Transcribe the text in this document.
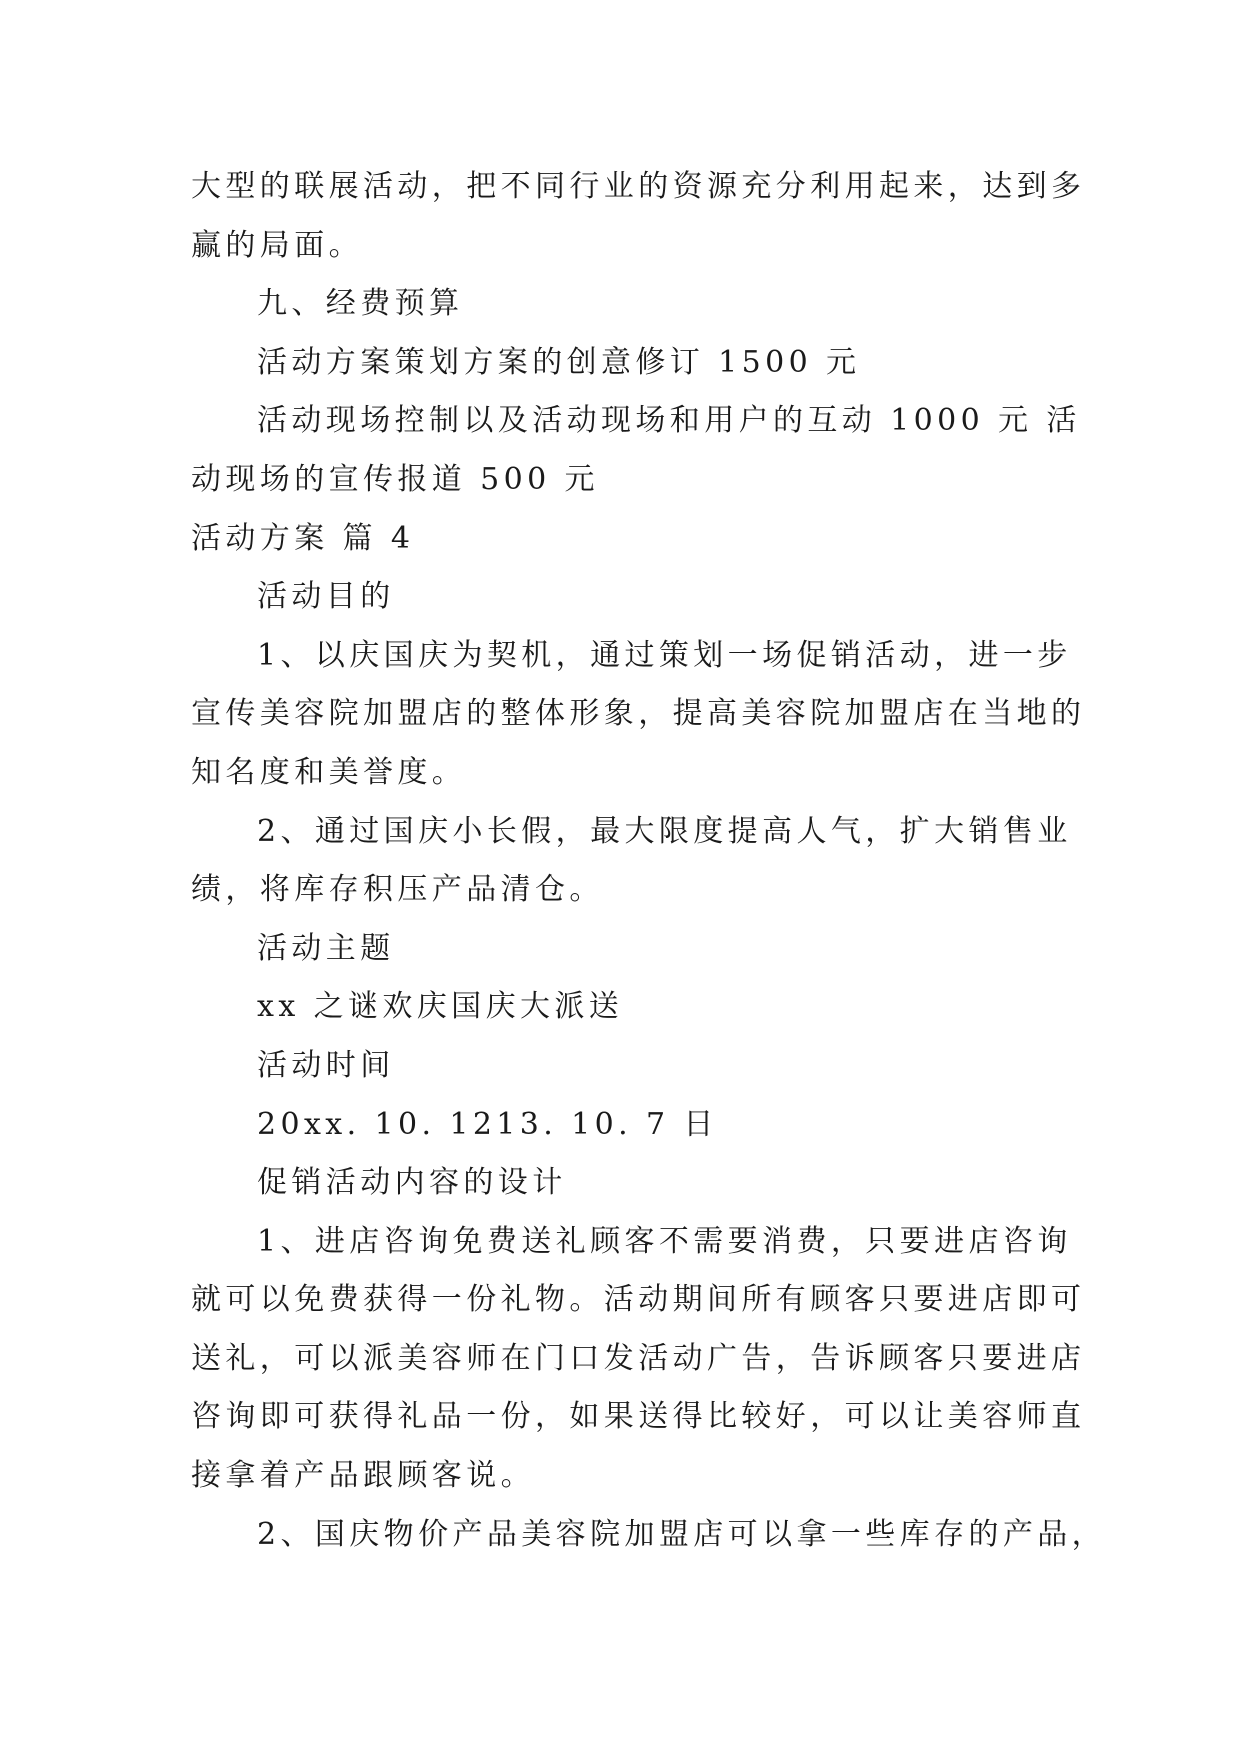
大型的联展活动，把不同行业的资源充分利用起来，达到多
赢的局面。
九、经费预算
活动方案策划方案的创意修订 1500 元
活动现场控制以及活动现场和用户的互动 1000 元 活
动现场的宣传报道 500 元
活动方案 篇 4
活动目的
1、以庆国庆为契机，通过策划一场促销活动，进一步
宣传美容院加盟店的整体形象，提高美容院加盟店在当地的
知名度和美誉度。
2、通过国庆小长假，最大限度提高人气，扩大销售业
绩，将库存积压产品清仓。
活动主题
xx 之谜欢庆国庆大派送
活动时间
20xx. 10. 1213. 10. 7 日
促销活动内容的设计
1、进店咨询免费送礼顾客不需要消费，只要进店咨询
就可以免费获得一份礼物。活动期间所有顾客只要进店即可
送礼，可以派美容师在门口发活动广告，告诉顾客只要进店
咨询即可获得礼品一份，如果送得比较好，可以让美容师直
接拿着产品跟顾客说。
2、国庆物价产品美容院加盟店可以拿一些库存的产品，
